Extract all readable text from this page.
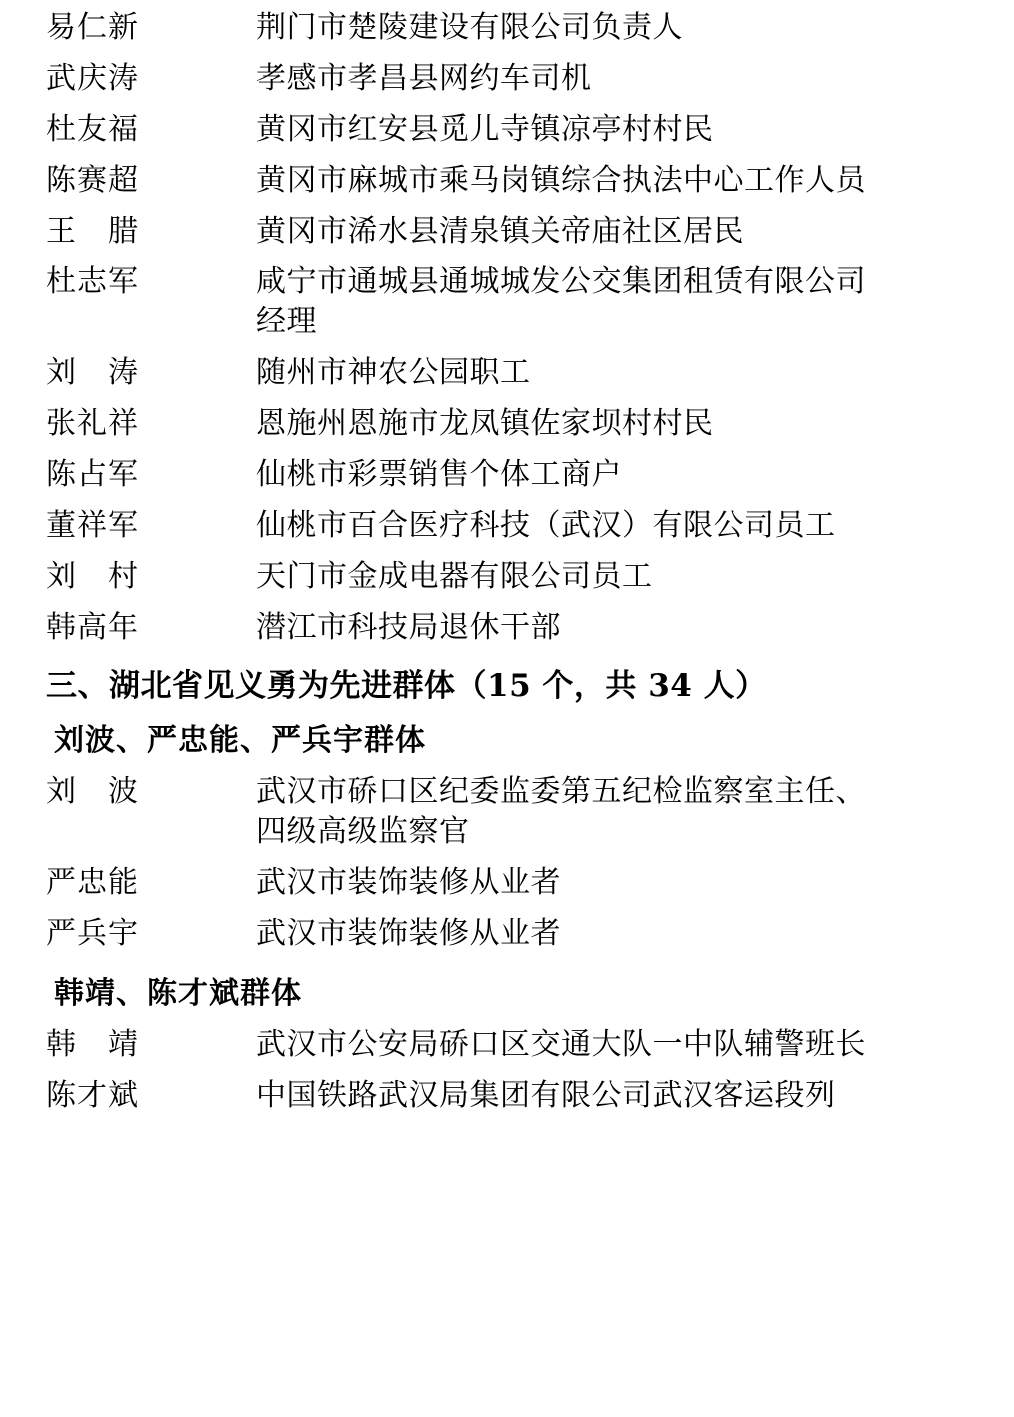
易仁新	荆门市楚陵建设有限公司负责人
武庆涛	孝感市孝昌县网约车司机
杜友福	黄冈市红安县觅儿寺镇凉亭村村民
陈赛超	黄冈市麻城市乘马岗镇综合执法中心工作人员
王　腊	黄冈市浠水县清泉镇关帝庙社区居民
杜志军	咸宁市通城县通城城发公交集团租赁有限公司
经理
刘　涛	随州市神农公园职工
张礼祥	恩施州恩施市龙凤镇佐家坝村村民
陈占军	仙桃市彩票销售个体工商户
董祥军	仙桃市百合医疗科技（武汉）有限公司员工
刘　村	天门市金成电器有限公司员工
韩高年	潜江市科技局退休干部
三、湖北省见义勇为先进群体（15 个，共 34 人）
刘波、严忠能、严兵宇群体
刘　波	武汉市硚口区纪委监委第五纪检监察室主任、
四级高级监察官
严忠能	武汉市装饰装修从业者
严兵宇	武汉市装饰装修从业者
韩靖、陈才斌群体
韩　靖	武汉市公安局硚口区交通大队一中队辅警班长
陈才斌	中国铁路武汉局集团有限公司武汉客运段列
